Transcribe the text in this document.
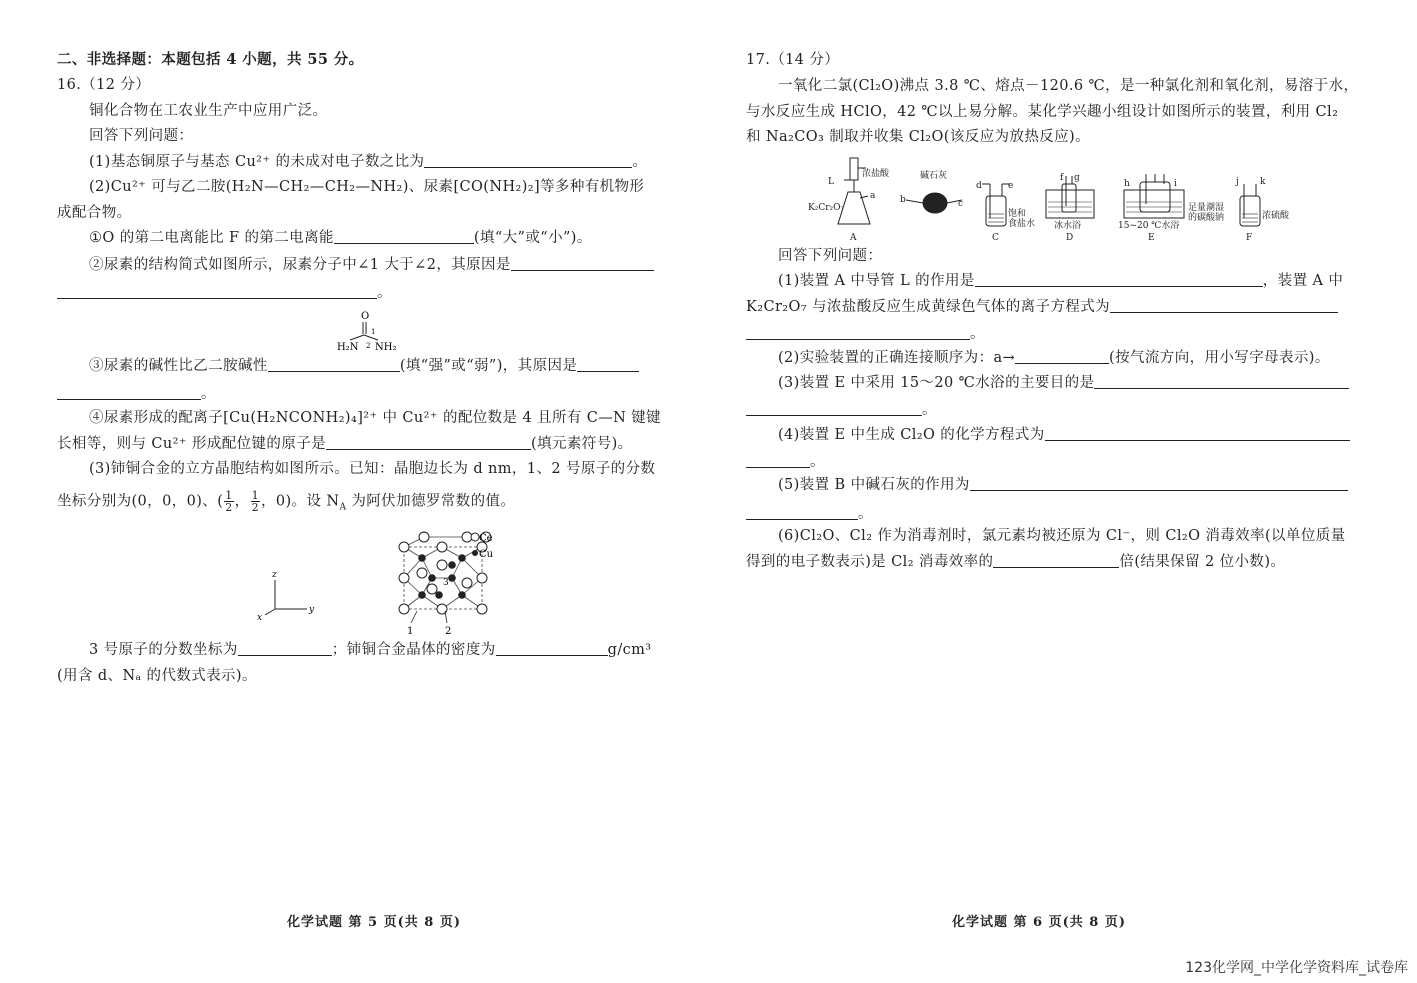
二、非选择题：本题包括 4 小题，共 55 分。
16.（12 分）
铜化合物在工农业生产中应用广泛。
回答下列问题：
(1)基态铜原子与基态 Cu²⁺ 的未成对电子数之比为	。
(2)Cu²⁺ 可与乙二胺(H₂N—CH₂—CH₂—NH₂)、尿素[CO(NH₂)₂]等多种有机物形
成配合物。
①O 的第二电离能比 F 的第二电离能	(填“大”或“小”)。
②尿素的结构简式如图所示，尿素分子中∠1 大于∠2，其原因是
。
O
1
2
H₂N NH₂
③尿素的碱性比乙二胺碱性	(填“强”或“弱”)，其原因是
。
④尿素形成的配离子[Cu(H₂NCONH₂)₄]²⁺ 中 Cu²⁺ 的配位数是 4 且所有 C—N 键键
长相等，则与 Cu²⁺ 形成配位键的原子是	(填元素符号)。
(3)铈铜合金的立方晶胞结构如图所示。已知：晶胞边长为 d nm，1、2 号原子的分数
坐标分别为(0，0，0)、( $\frac{1}{2}$ ， $\frac{1}{2}$ ，0)。设 $N_A$ 为阿伏加德罗常数的值。
z
y
x
3
1	2
Ce
Cu
3 号原子的分数坐标为	；铈铜合金晶体的密度为	g/cm³
(用含 d、Nₐ 的代数式表示)。
化学试题 第 5 页(共 8 页)
17.（14 分）
一氧化二氯(Cl₂O)沸点 3.8 ℃、熔点－120.6 ℃，是一种氯化剂和氧化剂，易溶于水，
与水反应生成 HClO，42 ℃以上易分解。某化学兴趣小组设计如图所示的装置，利用 Cl₂
和 Na₂CO₃ 制取并收集 Cl₂O(该反应为放热反应)。
L
浓盐酸
a
K₂Cr₂O₇
A
碱石灰
b	c
d	e
饱和
食盐水
C
f g
冰水浴
D
h	i
足量潮湿
的碳酸钠
15~20 ℃水浴
E
j k
浓硫酸
F
回答下列问题：
(1)装置 A 中导管 L 的作用是	，装置 A 中
K₂Cr₂O₇ 与浓盐酸反应生成黄绿色气体的离子方程式为
。
(2)实验装置的正确连接顺序为：a→	(按气流方向，用小写字母表示)。
(3)装置 E 中采用 15～20 ℃水浴的主要目的是
。
(4)装置 E 中生成 Cl₂O 的化学方程式为
。
(5)装置 B 中碱石灰的作用为
。
(6)Cl₂O、Cl₂ 作为消毒剂时，氯元素均被还原为 Cl⁻，则 Cl₂O 消毒效率(以单位质量
得到的电子数表示)是 Cl₂ 消毒效率的	倍(结果保留 2 位小数)。
化学试题 第 6 页(共 8 页)
123化学网_中学化学资料库_试卷库
